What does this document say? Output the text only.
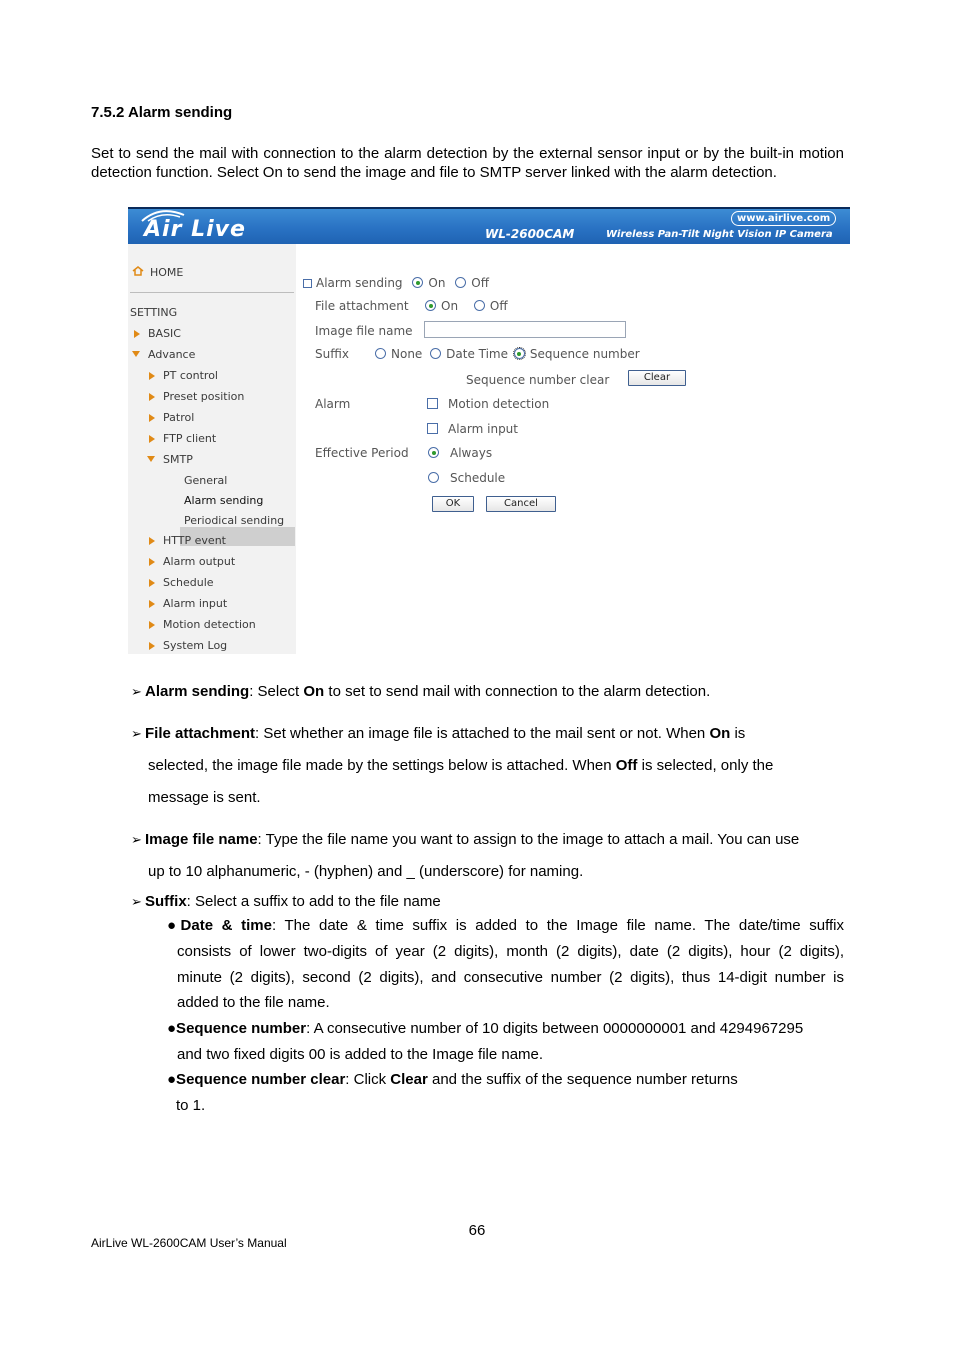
7.5.2 Alarm sending
Set to send the mail with connection to the alarm detection by the external sensor input or by the built-in motion detection function. Select On to send the image and file to SMTP server linked with the alarm detection.
Air Live	www.airlive.com
WL-2600CAM	Wireless Pan-Tilt Night Vision IP Camera
HOME
SETTING
BASIC
Advance
PT control
Preset position
Patrol
FTP client
SMTP
General
Alarm sending
Periodical sending
HTTP event
Alarm output
Schedule
Alarm input
Motion detection
System Log
Alarm sending On Off
File attachment	On	Off
Image file name
Suffix	None Date Time Sequence number
Sequence number clear	Clear
Alarm	Motion detection
Alarm input
Effective Period	Always
Schedule
OK	Cancel
➢ Alarm sending: Select On to set to send mail with connection to the alarm detection.
➢ File attachment: Set whether an image file is attached to the mail sent or not. When On is
selected, the image file made by the settings below is attached. When Off is selected, only the
message is sent.
➢ Image file name: Type the file name you want to assign to the image to attach a mail. You can use
up to 10 alphanumeric, - (hyphen) and _ (underscore) for naming.
➢ Suffix: Select a suffix to add to the file name
●Date & time: The date & time suffix is added to the Image file name. The date/time suffix
consists of lower two-digits of year (2 digits), month (2 digits), date (2 digits), hour (2 digits),
minute (2 digits), second (2 digits), and consecutive number (2 digits), thus 14-digit number is
added to the file name.
●Sequence number: A consecutive number of 10 digits between 0000000001 and 4294967295
and two fixed digits 00 is added to the Image file name.
●Sequence number clear: Click Clear and the suffix of the sequence number returns
to 1.
66
AirLive WL-2600CAM User’s Manual
